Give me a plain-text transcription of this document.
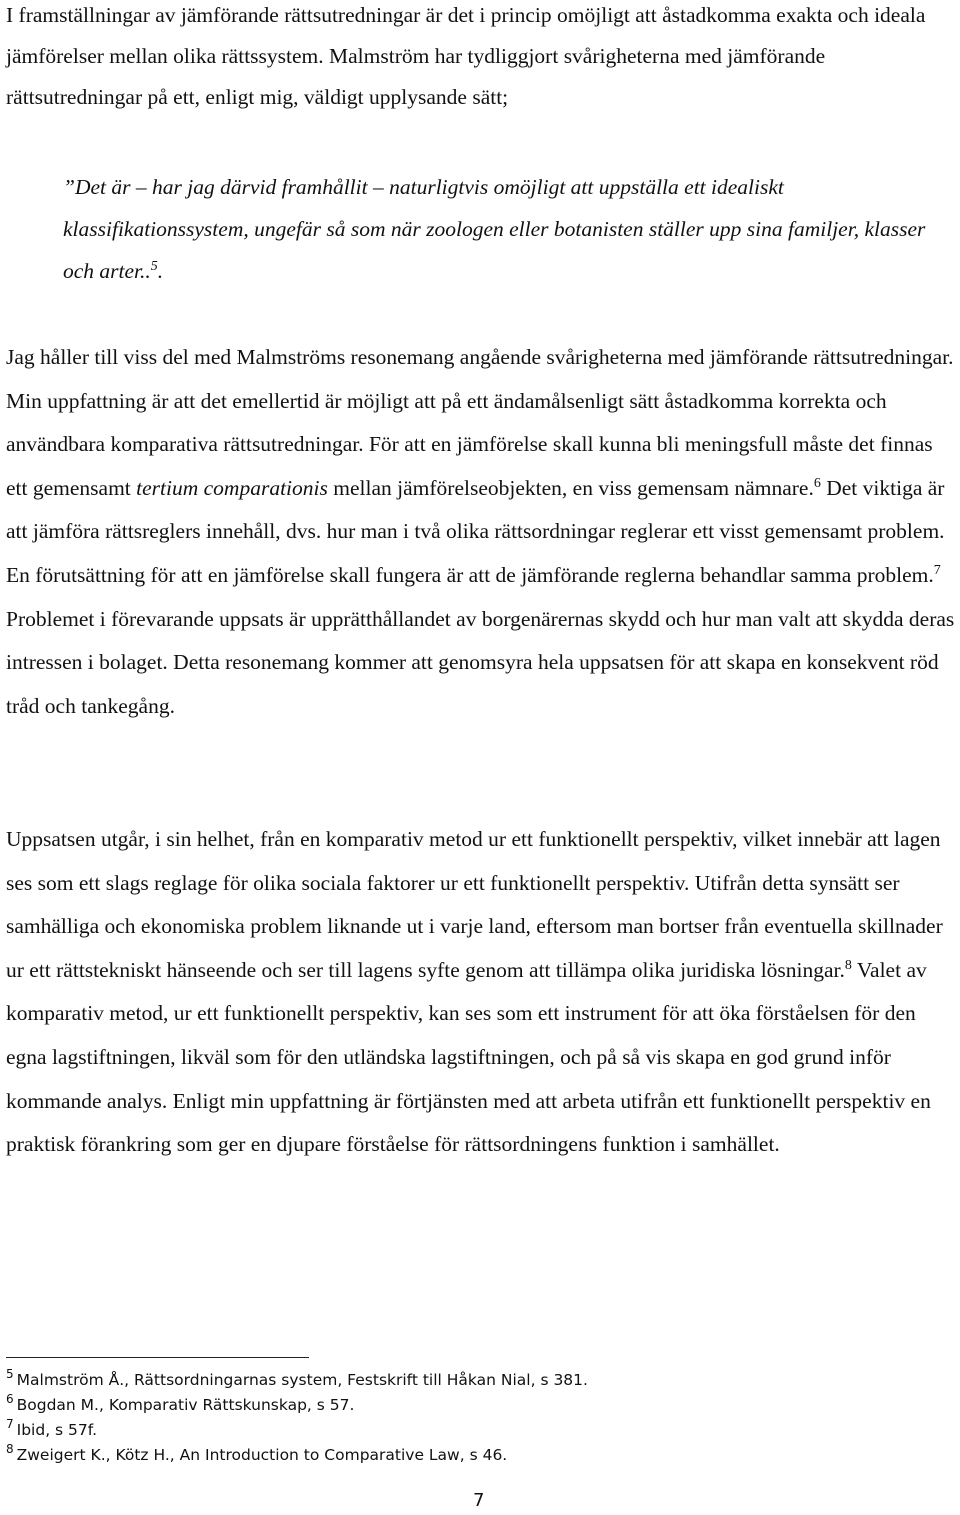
I framställningar av jämförande rättsutredningar är det i princip omöjligt att åstadkomma exakta och ideala jämförelser mellan olika rättssystem. Malmström har tydliggjort svårigheterna med jämförande rättsutredningar på ett, enligt mig, väldigt upplysande sätt;

”Det är – har jag därvid framhållit – naturligtvis omöjligt att uppställa ett idealiskt klassifikationssystem, ungefär så som när zoologen eller botanisten ställer upp sina familjer, klasser och arter..$^5$.

Jag håller till viss del med Malmströms resonemang angående svårigheterna med jämförande rättsutredningar. Min uppfattning är att det emellertid är möjligt att på ett ändamålsenligt sätt åstadkomma korrekta och användbara komparativa rättsutredningar. För att en jämförelse skall kunna bli meningsfull måste det finnas ett gemensamt tertium comparationis mellan jämförelseobjekten, en viss gemensam nämnare.$^6$ Det viktiga är att jämföra rättsreglers innehåll, dvs. hur man i två olika rättsordningar reglerar ett visst gemensamt problem. En förutsättning för att en jämförelse skall fungera är att de jämförande reglerna behandlar samma problem.$^7$ Problemet i förevarande uppsats är upprätthållandet av borgenärernas skydd och hur man valt att skydda deras intressen i bolaget. Detta resonemang kommer att genomsyra hela uppsatsen för att skapa en konsekvent röd tråd och tankegång.

Uppsatsen utgår, i sin helhet, från en komparativ metod ur ett funktionellt perspektiv, vilket innebär att lagen ses som ett slags reglage för olika sociala faktorer ur ett funktionellt perspektiv. Utifrån detta synsätt ser samhälliga och ekonomiska problem liknande ut i varje land, eftersom man bortser från eventuella skillnader ur ett rättstekniskt hänseende och ser till lagens syfte genom att tillämpa olika juridiska lösningar.$^8$ Valet av komparativ metod, ur ett funktionellt perspektiv, kan ses som ett instrument för att öka förståelsen för den egna lagstiftningen, likväl som för den utländska lagstiftningen, och på så vis skapa en god grund inför kommande analys. Enligt min uppfattning är förtjänsten med att arbeta utifrån ett funktionellt perspektiv en praktisk förankring som ger en djupare förståelse för rättsordningens funktion i samhället.

$^5$ Malmström Å., Rättsordningarnas system, Festskrift till Håkan Nial, s 381.

$^6$ Bogdan M., Komparativ Rättskunskap, s 57.

$^7$ Ibid, s 57f.

$^8$ Zweigert K., Kötz H., An Introduction to Comparative Law, s 46.

7
